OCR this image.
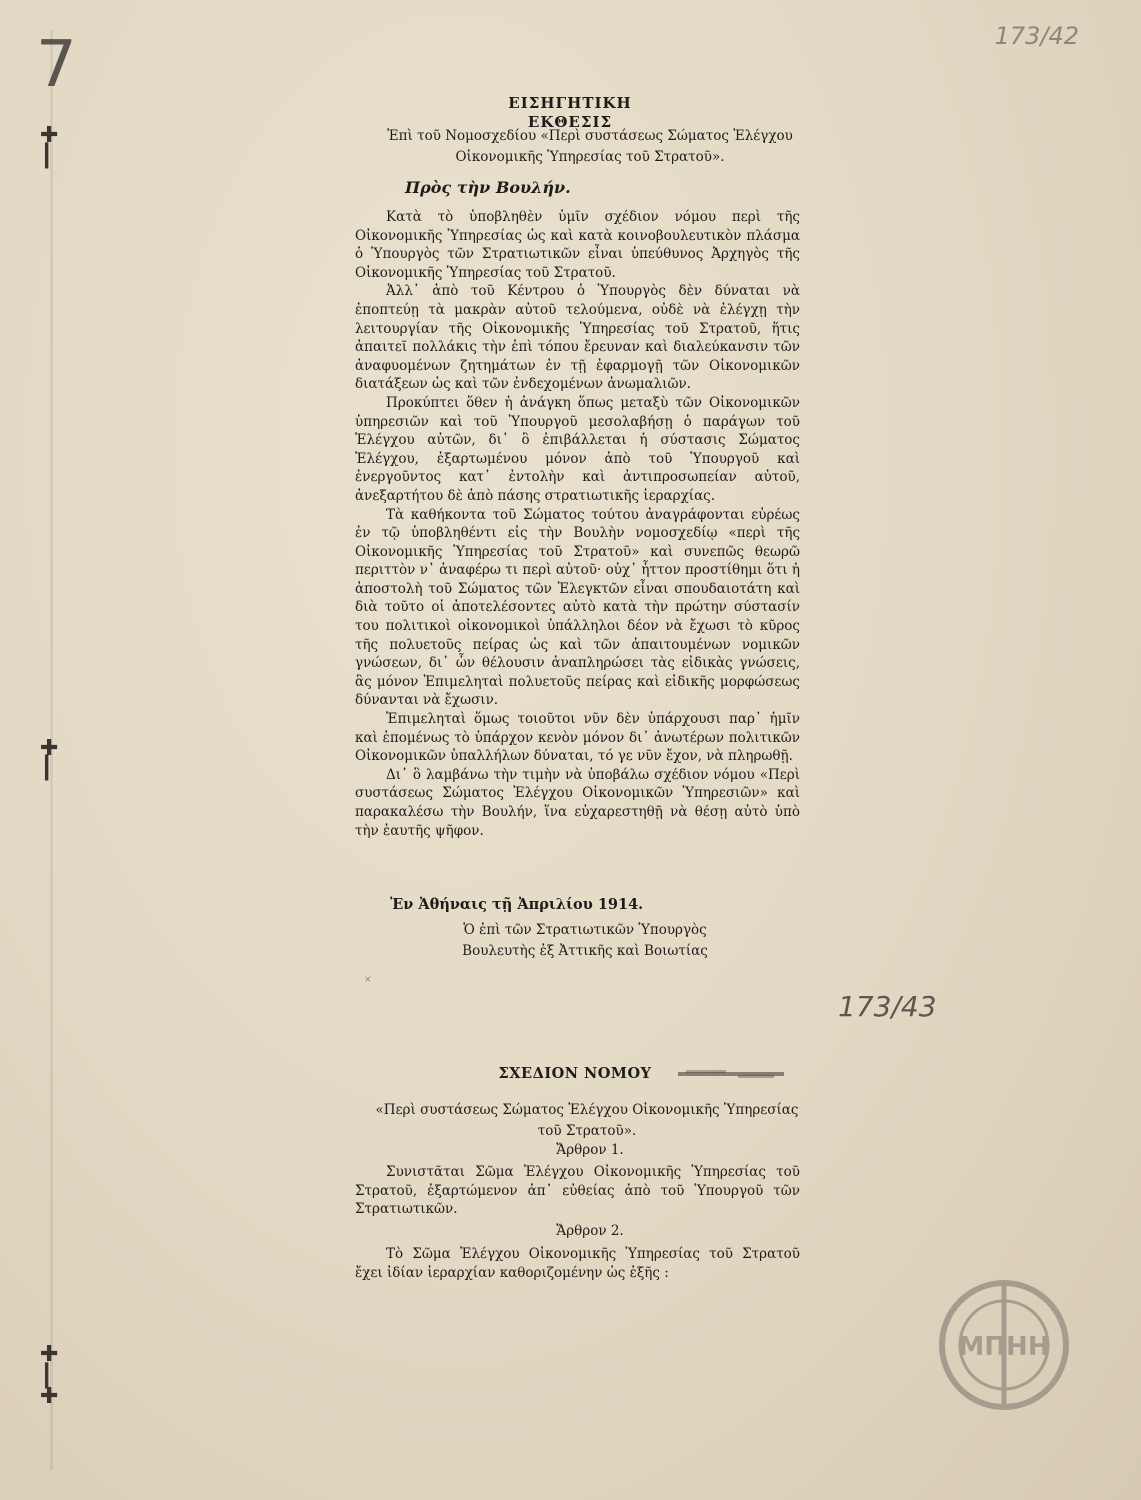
7	173/42
173/43
✚
┃
✚
┃
✚
┃
✚
ΕΙΣΗΓΗΤΙΚΗ ΕΚΘΕΣΙΣ
Ἐπὶ τοῦ Νομοσχεδίου «Περὶ συστάσεως Σώματος Ἐλέγχου Οἰκονομικῆς Ὑπηρεσίας τοῦ Στρατοῦ».
Πρὸς τὴν Βουλήν.

Κατὰ τὸ ὑποβληθὲν ὑμῖν σχέδιον νόμου περὶ τῆς Οἰκονομικῆς Ὑπηρεσίας ὡς καὶ κατὰ κοινοβουλευτικὸν πλάσμα ὁ Ὑπουργὸς τῶν Στρατιωτικῶν εἶναι ὑπεύθυνος Ἀρχηγὸς τῆς Οἰκονομικῆς Ὑπηρεσίας τοῦ Στρατοῦ.

Ἀλλ᾽ ἀπὸ τοῦ Κέντρου ὁ Ὑπουργὸς δὲν δύναται νὰ ἐποπτεύῃ τὰ μακρὰν αὐτοῦ τελούμενα, οὐδὲ νὰ ἐλέγχῃ τὴν λειτουργίαν τῆς Οἰκονομικῆς Ὑπηρεσίας τοῦ Στρατοῦ, ἥτις ἀπαιτεῖ πολλάκις τὴν ἐπὶ τόπου ἔρευναν καὶ διαλεύκανσιν τῶν ἀναφυομένων ζητημάτων ἐν τῇ ἐφαρμογῇ τῶν Οἰκονομικῶν διατάξεων ὡς καὶ τῶν ἐνδεχομένων ἀνωμαλιῶν.

Προκύπτει ὅθεν ἡ ἀνάγκη ὅπως μεταξὺ τῶν Οἰκονομικῶν ὑπηρεσιῶν καὶ τοῦ Ὑπουργοῦ μεσολαβήσῃ ὁ παράγων τοῦ Ἐλέγχου αὐτῶν, δι᾽ ὃ ἐπιβάλλεται ἡ σύστασις Σώματος Ἐλέγχου, ἐξαρτωμένου μόνον ἀπὸ τοῦ Ὑπουργοῦ καὶ ἐνεργοῦντος κατ᾽ ἐντολὴν καὶ ἀντιπροσωπείαν αὐτοῦ, ἀνεξαρτήτου δὲ ἀπὸ πάσης στρατιωτικῆς ἱεραρχίας.

Τὰ καθήκοντα τοῦ Σώματος τούτου ἀναγράφονται εὐρέως ἐν τῷ ὑποβληθέντι εἰς τὴν Βουλὴν νομοσχεδίῳ «περὶ τῆς Οἰκονομικῆς Ὑπηρεσίας τοῦ Στρατοῦ» καὶ συνεπῶς θεωρῶ περιττὸν ν᾽ ἀναφέρω τι περὶ αὐτοῦ· οὐχ᾽ ἧττον προστίθημι ὅτι ἡ ἀποστολὴ τοῦ Σώματος τῶν Ἐλεγκτῶν εἶναι σπουδαιοτάτη καὶ διὰ τοῦτο οἱ ἀποτελέσοντες αὐτὸ κατὰ τὴν πρώτην σύστασίν του πολιτικοὶ οἰκονομικοὶ ὑπάλληλοι δέον νὰ ἔχωσι τὸ κῦρος τῆς πολυετοῦς πείρας ὡς καὶ τῶν ἀπαιτουμένων νομικῶν γνώσεων, δι᾽ ὧν θέλουσιν ἀναπληρώσει τὰς εἰδικὰς γνώσεις, ἃς μόνον Ἐπιμεληταὶ πολυετοῦς πείρας καὶ εἰδικῆς μορφώσεως δύνανται νὰ ἔχωσιν.

Ἐπιμεληταὶ ὅμως τοιοῦτοι νῦν δὲν ὑπάρχουσι παρ᾽ ἡμῖν καὶ ἑπομένως τὸ ὑπάρχον κενὸν μόνον δι᾽ ἀνωτέρων πολιτικῶν Οἰκονομικῶν ὑπαλλήλων δύναται, τό γε νῦν ἔχον, νὰ πληρωθῇ.

Δι᾽ ὃ λαμβάνω τὴν τιμὴν νὰ ὑποβάλω σχέδιον νόμου «Περὶ συστάσεως Σώματος Ἐλέγχου Οἰκονομικῶν Ὑπηρεσιῶν» καὶ παρακαλέσω τὴν Βουλήν, ἵνα εὐχαρεστηθῇ νὰ θέσῃ αὐτὸ ὑπὸ τὴν ἑαυτῆς ψῆφον.

Ἐν Ἀθήναις τῇ Ἀπριλίου 1914.
Ὁ ἐπὶ τῶν Στρατιωτικῶν Ὑπουργὸς
Βουλευτὴς ἐξ Ἀττικῆς καὶ Βοιωτίας
×
ΣΧΕΔΙΟΝ ΝΟΜΟΥ
«Περὶ συστάσεως Σώματος Ἐλέγχου Οἰκονομικῆς Ὑπηρεσίας τοῦ Στρατοῦ».
Ἄρθρον 1.
Συνιστᾶται Σῶμα Ἐλέγχου Οἰκονομικῆς Ὑπηρεσίας τοῦ Στρατοῦ, ἐξαρτώμενον ἀπ᾽ εὐθείας ἀπὸ τοῦ Ὑπουργοῦ τῶν Στρατιωτικῶν.
Ἄρθρον 2.
Τὸ Σῶμα Ἐλέγχου Οἰκονομικῆς Ὑπηρεσίας τοῦ Στρατοῦ ἔχει ἰδίαν ἱεραρχίαν καθοριζομένην ὡς ἑξῆς :
ΜΠΗΗ
